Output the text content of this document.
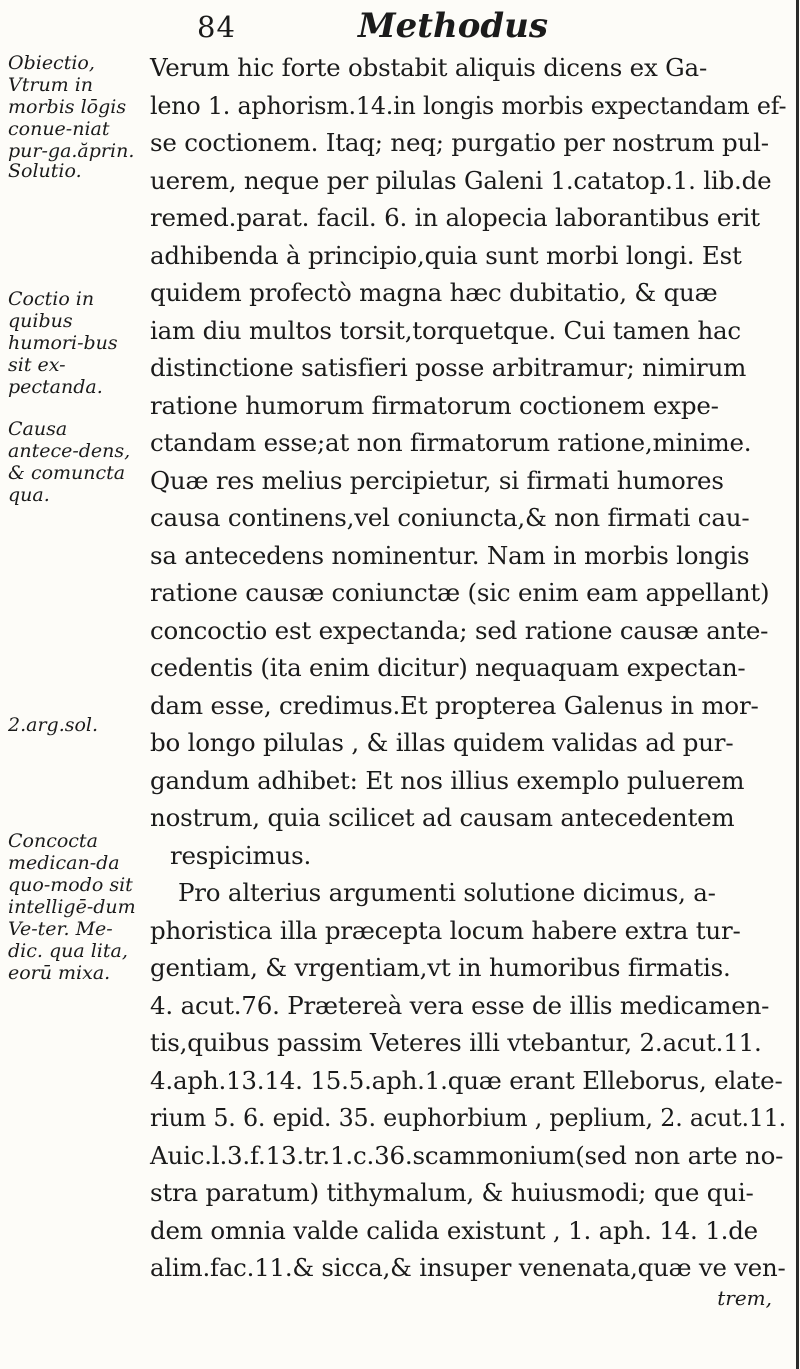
84	Methodus
Obiectio, Vtrum in morbis lōgis conue-niat pur-ga.ăprin.
Solutio.
Coctio in quibus humori-bus sit ex-pectanda.
Causa antece-dens, & comuncta qua.
2.arg.sol.
Concocta medican-da quo-modo sit intelligē-dum Ve-ter. Me-dic. qua lita, eorū mixa.
Verum hic forte obstabit aliquis dicens ex Ga-
leno 1. aphorism.14.in longis morbis expectandam ef-
se coctionem. Itaq; neq; purgatio per nostrum pul-
uerem, neque per pilulas Galeni 1.catatop.1. lib.de
remed.parat. facil. 6. in alopecia laborantibus erit
adhibenda à principio,quia sunt morbi longi. Est
quidem profectò magna hæc dubitatio, & quæ
iam diu multos torsit,torquetque. Cui tamen hac
distinctione satisfieri posse arbitramur; nimirum
ratione humorum firmatorum coctionem expe-
ctandam esse;at non firmatorum ratione,minime.
Quæ res melius percipietur, si firmati humores
causa continens,vel coniuncta,& non firmati cau-
sa antecedens nominentur. Nam in morbis longis
ratione causæ coniunctæ (sic enim eam appellant)
concoctio est expectanda; sed ratione causæ ante-
cedentis (ita enim dicitur) nequaquam expectan-
dam esse, credimus.Et propterea Galenus in mor-
bo longo pilulas , & illas quidem validas ad pur-
gandum adhibet: Et nos illius exemplo puluerem
nostrum, quia scilicet ad causam antecedentem
respicimus.
Pro alterius argumenti solutione dicimus, a-
phoristica illa præcepta locum habere extra tur-
gentiam, & vrgentiam,vt in humoribus firmatis.
4. acut.76. Prætereà vera esse de illis medicamen-
tis,quibus passim Veteres illi vtebantur, 2.acut.11.
4.aph.13.14. 15.5.aph.1.quæ erant Elleborus, elate-
rium 5. 6. epid. 35. euphorbium , peplium, 2. acut.11.
Auic.l.3.f.13.tr.1.c.36.scammonium(sed non arte no-
stra paratum) tithymalum, & huiusmodi; que qui-
dem omnia valde calida existunt , 1. aph. 14. 1.de
alim.fac.11.& sicca,& insuper venenata,quæ ve ven-
trem,
